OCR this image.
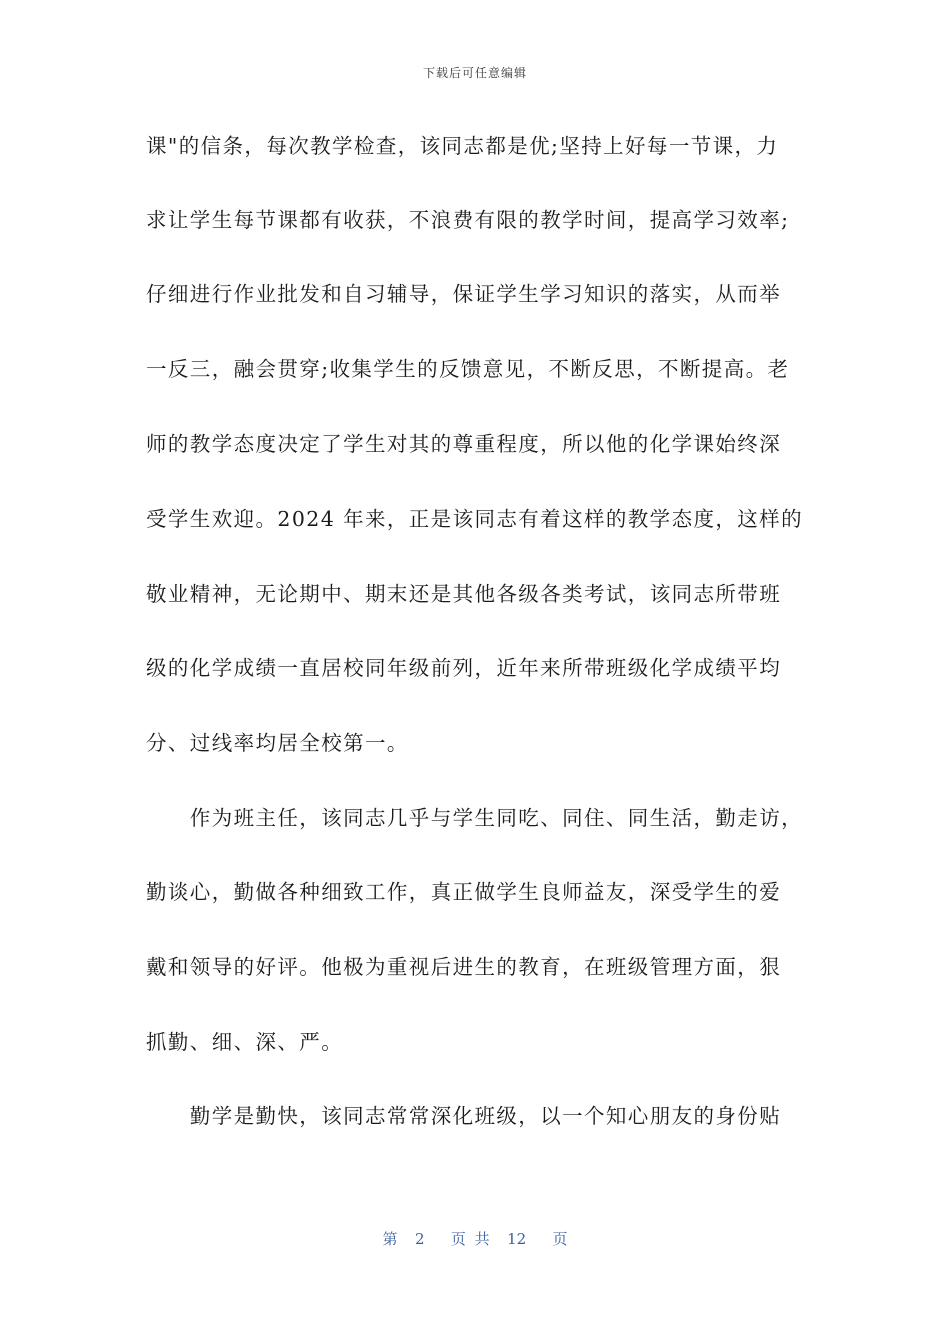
下载后可任意编辑
课"的信条，每次教学检查，该同志都是优;坚持上好每一节课，力
求让学生每节课都有收获，不浪费有限的教学时间，提高学习效率;
仔细进行作业批发和自习辅导，保证学生学习知识的落实，从而举
一反三，融会贯穿;收集学生的反馈意见，不断反思，不断提高。老
师的教学态度决定了学生对其的尊重程度，所以他的化学课始终深
受学生欢迎。2024 年来，正是该同志有着这样的教学态度，这样的
敬业精神，无论期中、期末还是其他各级各类考试，该同志所带班
级的化学成绩一直居校同年级前列，近年来所带班级化学成绩平均
分、过线率均居全校第一。
　　作为班主任，该同志几乎与学生同吃、同住、同生活，勤走访，
勤谈心，勤做各种细致工作，真正做学生良师益友，深受学生的爱
戴和领导的好评。他极为重视后进生的教育，在班级管理方面，狠
抓勤、细、深、严。
　　勤学是勤快，该同志常常深化班级，以一个知心朋友的身份贴
第  2   页 共  12   页
